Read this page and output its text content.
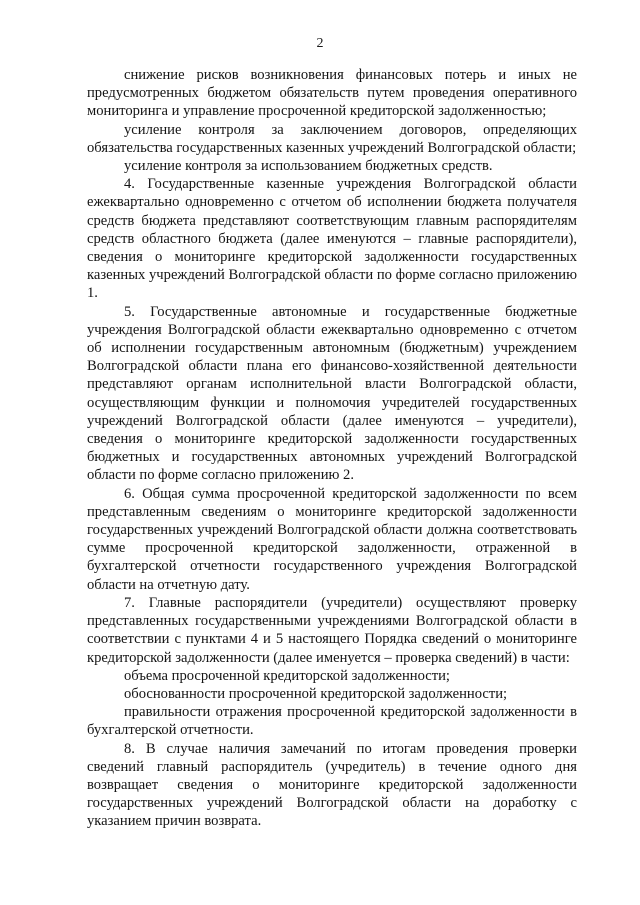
2

снижение рисков возникновения финансовых потерь и иных не предусмотренных бюджетом обязательств путем проведения оперативного мониторинга и управление просроченной кредиторской задолженностью;

усиление контроля за заключением договоров, определяющих обязательства государственных казенных учреждений Волгоградской области;

усиление контроля за использованием бюджетных средств.

4. Государственные казенные учреждения Волгоградской области ежеквартально одновременно с отчетом об исполнении бюджета получателя средств бюджета представляют соответствующим главным распорядителям средств областного бюджета (далее именуются – главные распорядители), сведения о мониторинге кредиторской задолженности государственных казенных учреждений Волгоградской области по форме согласно приложению 1.

5. Государственные автономные и государственные бюджетные учреждения Волгоградской области ежеквартально одновременно с отчетом об исполнении государственным автономным (бюджетным) учреждением Волгоградской области плана его финансово-хозяйственной деятельности представляют органам исполнительной власти Волгоградской области, осуществляющим функции и полномочия учредителей государственных учреждений Волгоградской области (далее именуются – учредители), сведения о мониторинге кредиторской задолженности государственных бюджетных и государственных автономных учреждений Волгоградской области по форме согласно приложению 2.

6. Общая сумма просроченной кредиторской задолженности по всем представленным сведениям о мониторинге кредиторской задолженности государственных учреждений Волгоградской области должна соответствовать сумме просроченной кредиторской задолженности, отраженной в бухгалтерской отчетности государственного учреждения Волгоградской области на отчетную дату.

7. Главные распорядители (учредители) осуществляют проверку представленных государственными учреждениями Волгоградской области в соответствии с пунктами 4 и 5 настоящего Порядка сведений о мониторинге кредиторской задолженности (далее именуется – проверка сведений) в части:

объема просроченной кредиторской задолженности;

обоснованности просроченной кредиторской задолженности;

правильности отражения просроченной кредиторской задолженности в бухгалтерской отчетности.

8. В случае наличия замечаний по итогам проведения проверки сведений главный распорядитель (учредитель) в течение одного дня возвращает сведения о мониторинге кредиторской задолженности государственных учреждений Волгоградской области на доработку с указанием причин возврата.
